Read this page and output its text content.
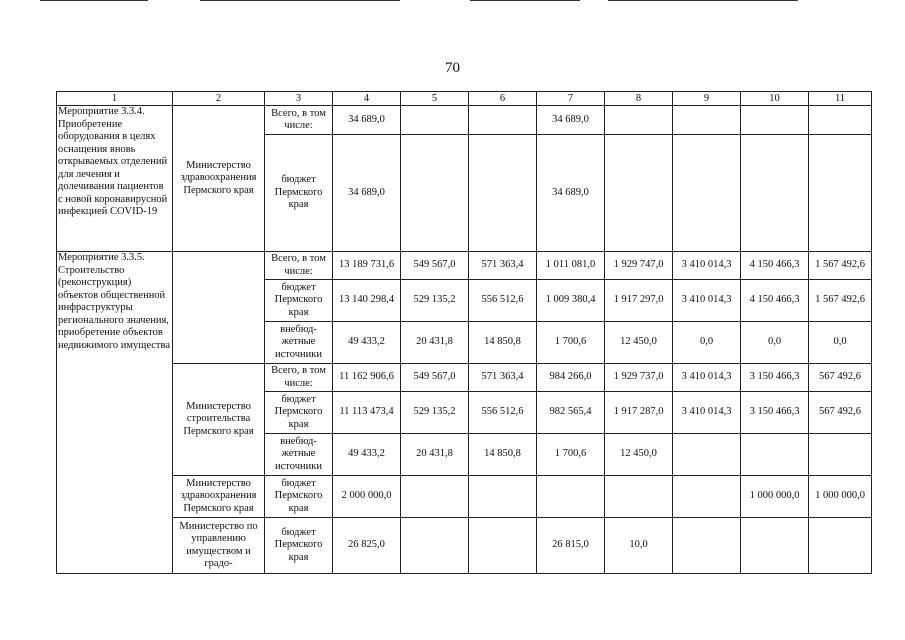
70
1	2	3	4	5	6	7	8	9	10	11
Мероприятие 3.3.4.
Приобретение оборудования в целях оснащения вновь открываемых отделений для лечения и долечивания пациентов с новой коронавирусной инфекцией COVID-19	Министерство здравоохранения Пермского края	Всего, в том числе:	34 689,0			34 689,0				
		бюджет Пермского края	34 689,0			34 689,0				
Мероприятие 3.3.5.
Строительство (реконструкция) объектов общественной инфраструктуры регионального значения, приобретение объектов недвижимого имущества		Всего, в том числе:	13 189 731,6	549 567,0	571 363,4	1 011 081,0	1 929 747,0	3 410 014,3	4 150 466,3	1 567 492,6
		бюджет Пермского края	13 140 298,4	529 135,2	556 512,6	1 009 380,4	1 917 297,0	3 410 014,3	4 150 466,3	1 567 492,6
		внебюд-жетные источники	49 433,2	20 431,8	14 850,8	1 700,6	12 450,0	0,0	0,0	0,0
	Министерство строительства Пермского края	Всего, в том числе:	11 162 906,6	549 567,0	571 363,4	984 266,0	1 929 737,0	3 410 014,3	3 150 466,3	567 492,6
		бюджет Пермского края	11 113 473,4	529 135,2	556 512,6	982 565,4	1 917 287,0	3 410 014,3	3 150 466,3	567 492,6
		внебюд-жетные источники	49 433,2	20 431,8	14 850,8	1 700,6	12 450,0			
	Министерство здравоохранения Пермского края	бюджет Пермского края	2 000 000,0						1 000 000,0	1 000 000,0
	Министерство по управлению имуществом и градо-	бюджет Пермского края	26 825,0			26 815,0	10,0			
